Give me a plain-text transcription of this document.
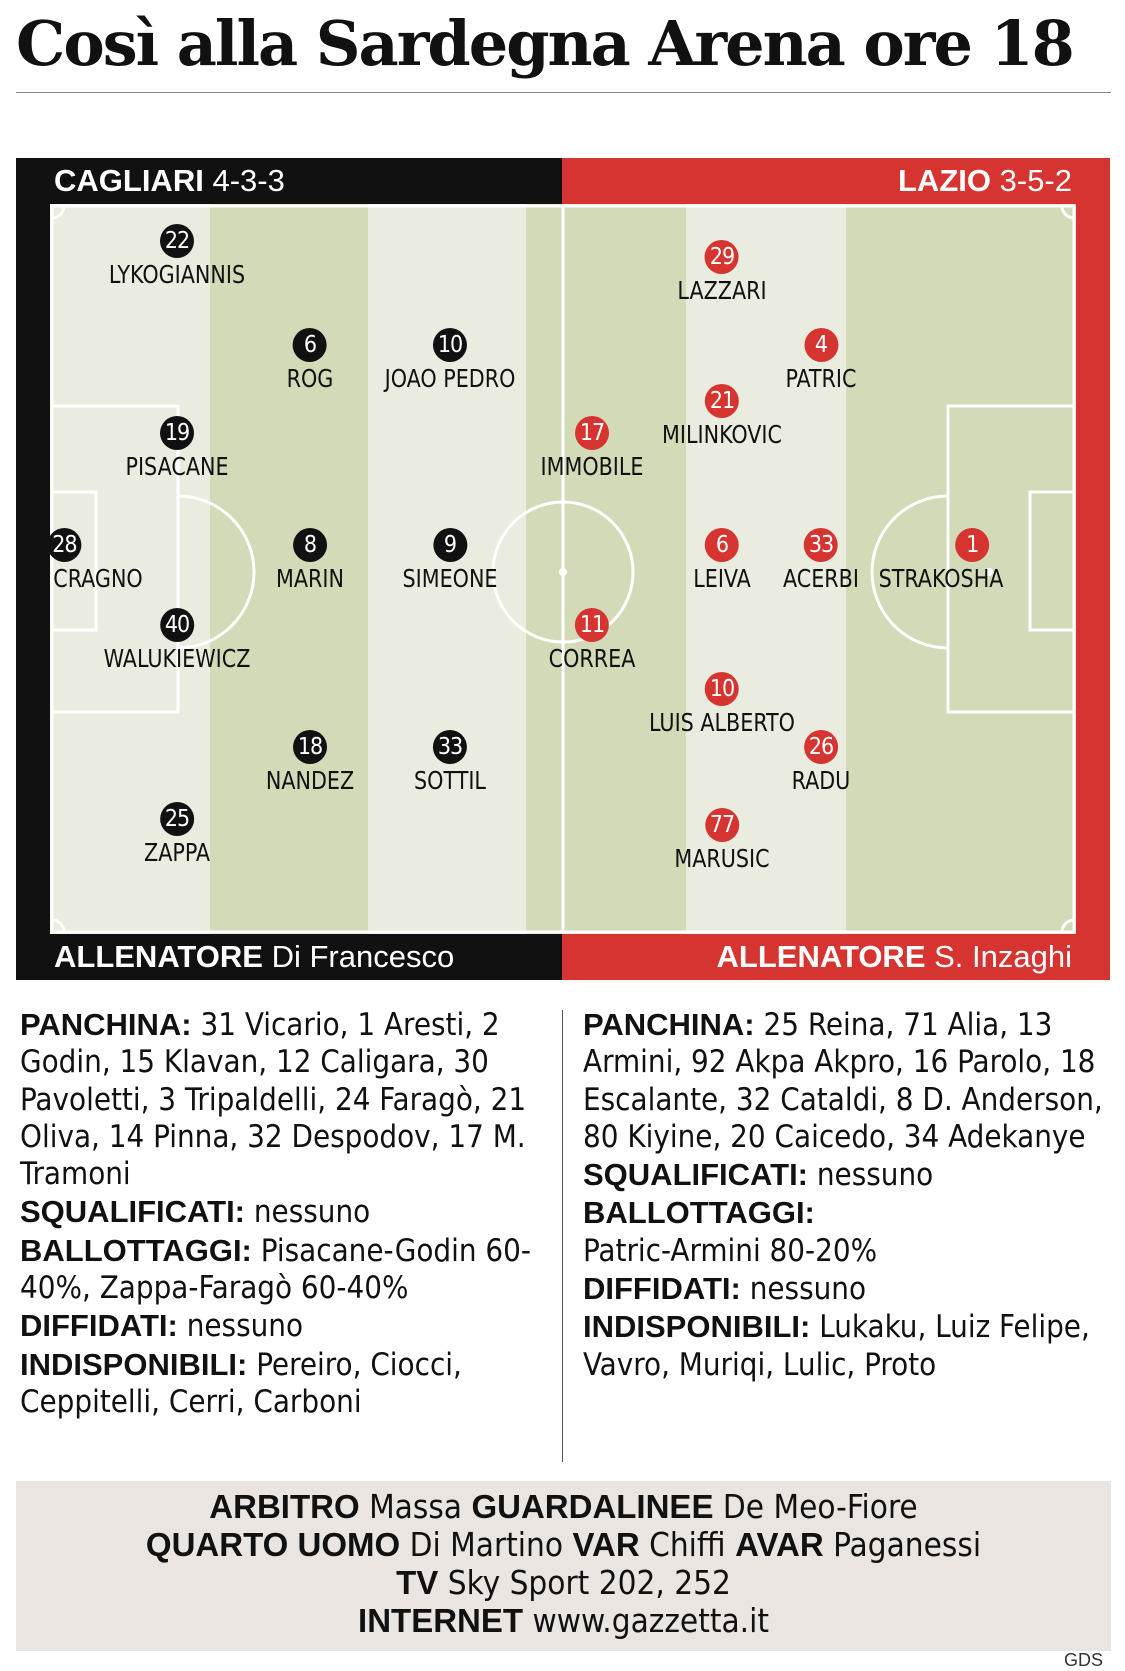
Così alla Sardegna Arena ore 18
CAGLIARI 4-3-3	LAZIO 3-5-2
22
LYKOGIANNIS
6
ROG
10
JOAO PEDRO
19
PISACANE
28
CRAGNO
8
MARIN
9
SIMEONE
40
WALUKIEWICZ
18
NANDEZ
33
SOTTIL
25
ZAPPA
29
LAZZARI
4
PATRIC
21
MILINKOVIC
17
IMMOBILE
6
LEIVA
33
ACERBI
1
STRAKOSHA
11
CORREA
10
LUIS ALBERTO
26
RADU
77
MARUSIC
ALLENATORE Di Francesco	ALLENATORE S. Inzaghi

PANCHINA: 31 Vicario, 1 Aresti, 2 Godin, 15 Klavan, 12 Caligara, 30 Pavoletti, 3 Tripaldelli, 24 Faragò, 21 Oliva, 14 Pinna, 32 Despodov, 17 M. Tramoni

SQUALIFICATI: nessuno

BALLOTTAGGI: Pisacane-Godin 60-40%, Zappa-Faragò 60-40%

DIFFIDATI: nessuno

INDISPONIBILI: Pereiro, Ciocci, Ceppitelli, Cerri, Carboni

PANCHINA: 25 Reina, 71 Alia, 13 Armini, 92 Akpa Akpro, 16 Parolo, 18 Escalante, 32 Cataldi, 8 D. Anderson, 80 Kiyine, 20 Caicedo, 34 Adekanye

SQUALIFICATI: nessuno

BALLOTTAGGI:
Patric-Armini 80-20%

DIFFIDATI: nessuno

INDISPONIBILI: Lukaku, Luiz Felipe, Vavro, Muriqi, Lulic, Proto

ARBITRO Massa GUARDALINEE De Meo-Fiore

QUARTO UOMO Di Martino VAR Chiffi AVAR Paganessi

TV Sky Sport 202, 252

INTERNET www.gazzetta.it

GDS
